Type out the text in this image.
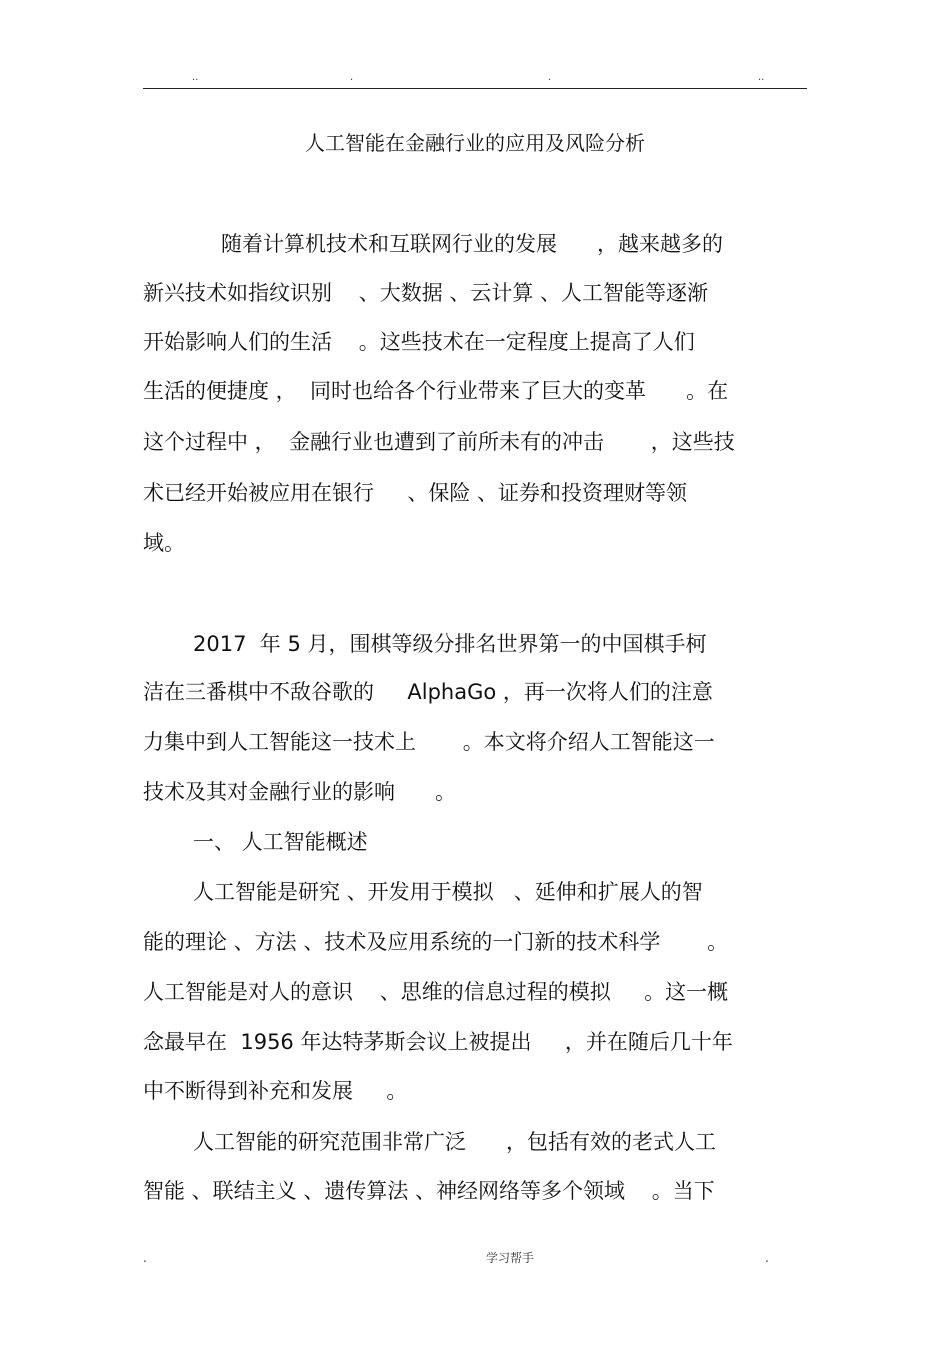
..	.	.	..
人工智能在金融行业的应用及风险分析
随着计算机技术和互联网行业的发展      ，越来越多的
新兴技术如指纹识别    、大数据 、云计算 、人工智能等逐渐
开始影响人们的生活    。这些技术在一定程度上提高了人们
生活的便捷度 ，  同时也给各个行业带来了巨大的变革      。在
这个过程中 ，  金融行业也遭到了前所未有的冲击       ，这些技
术已经开始被应用在银行     、保险 、证券和投资理财等领
域。
2017  年 5 月，围棋等级分排名世界第一的中国棋手柯
洁在三番棋中不敌谷歌的     AlphaGo ，再一次将人们的注意
力集中到人工智能这一技术上       。本文将介绍人工智能这一
技术及其对金融行业的影响      。
一、 人工智能概述
人工智能是研究 、开发用于模拟   、延伸和扩展人的智
能的理论 、方法 、技术及应用系统的一门新的技术科学       。
人工智能是对人的意识    、思维的信息过程的模拟     。这一概
念最早在  1956 年达特茅斯会议上被提出     ，并在随后几十年
中不断得到补充和发展     。
人工智能的研究范围非常广泛      ，包括有效的老式人工
智能 、联结主义 、遗传算法 、神经网络等多个领域    。当下
.	学习帮手	.
